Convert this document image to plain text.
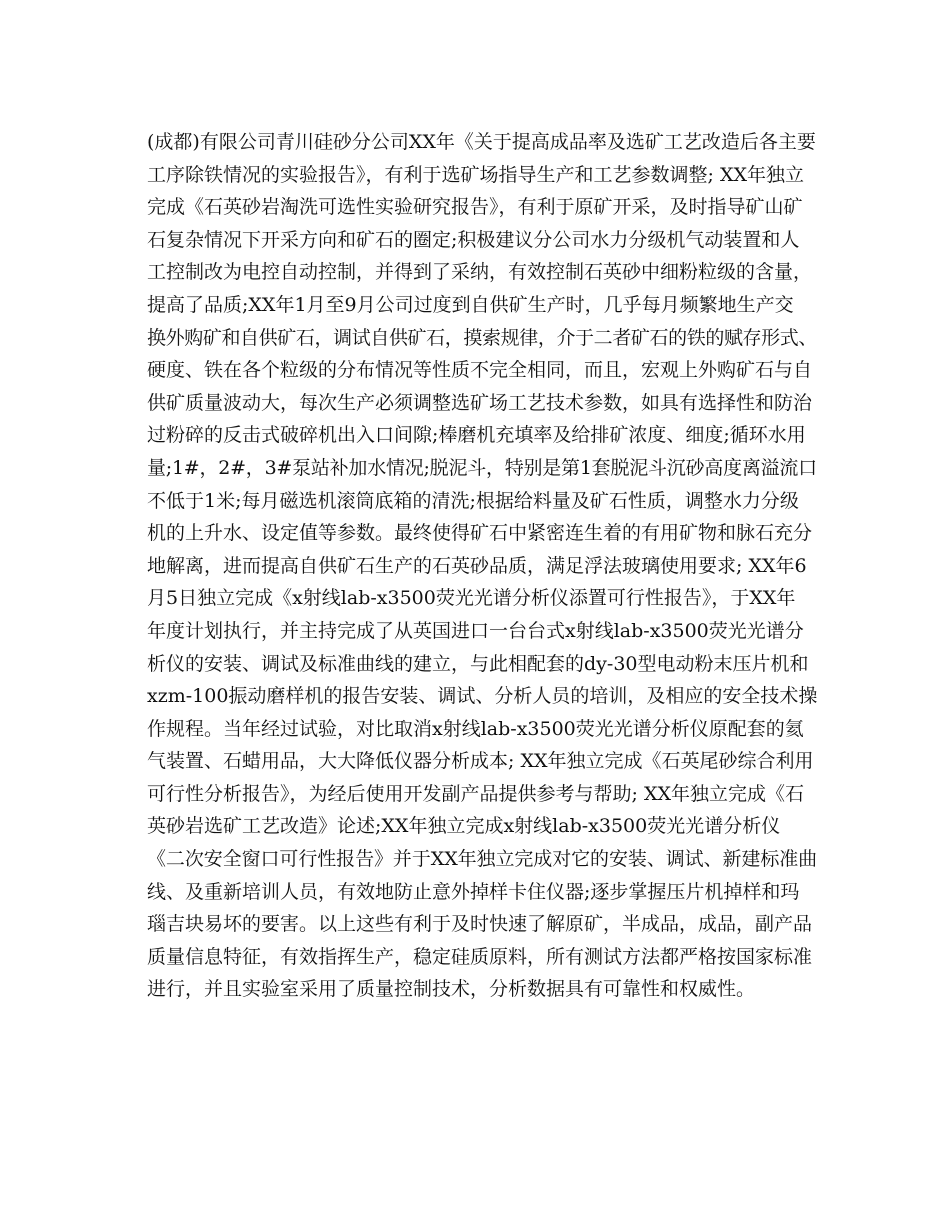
(成都)有限公司青川硅砂分公司XX年《关于提高成品率及选矿工艺改造后各主要
工序除铁情况的实验报告》，有利于选矿场指导生产和工艺参数调整; XX年独立
完成《石英砂岩淘洗可选性实验研究报告》，有利于原矿开采，及时指导矿山矿
石复杂情况下开采方向和矿石的圈定;积极建议分公司水力分级机气动装置和人
工控制改为电控自动控制，并得到了采纳，有效控制石英砂中细粉粒级的含量，
提高了品质;XX年1月至9月公司过度到自供矿生产时，几乎每月频繁地生产交
换外购矿和自供矿石，调试自供矿石，摸索规律，介于二者矿石的铁的赋存形式、
硬度、铁在各个粒级的分布情况等性质不完全相同，而且，宏观上外购矿石与自
供矿质量波动大，每次生产必须调整选矿场工艺技术参数，如具有选择性和防治
过粉碎的反击式破碎机出入口间隙;棒磨机充填率及给排矿浓度、细度;循环水用
量;1#，2#，3#泵站补加水情况;脱泥斗，特别是第1套脱泥斗沉砂高度离溢流口
不低于1米;每月磁选机滚筒底箱的清洗;根据给料量及矿石性质，调整水力分级
机的上升水、设定值等参数。最终使得矿石中紧密连生着的有用矿物和脉石充分
地解离，进而提高自供矿石生产的石英砂品质，满足浮法玻璃使用要求; XX年6
月5日独立完成《x射线lab-x3500荧光光谱分析仪添置可行性报告》，于XX年
年度计划执行，并主持完成了从英国进口一台台式x射线lab-x3500荧光光谱分
析仪的安装、调试及标准曲线的建立，与此相配套的dy-30型电动粉末压片机和
xzm-100振动磨样机的报告安装、调试、分析人员的培训，及相应的安全技术操
作规程。当年经过试验，对比取消x射线lab-x3500荧光光谱分析仪原配套的氦
气装置、石蜡用品，大大降低仪器分析成本; XX年独立完成《石英尾砂综合利用
可行性分析报告》，为经后使用开发副产品提供参考与帮助; XX年独立完成《石
英砂岩选矿工艺改造》论述;XX年独立完成x射线lab-x3500荧光光谱分析仪
《二次安全窗口可行性报告》并于XX年独立完成对它的安装、调试、新建标准曲
线、及重新培训人员，有效地防止意外掉样卡住仪器;逐步掌握压片机掉样和玛
瑙吉块易坏的要害。以上这些有利于及时快速了解原矿，半成品，成品，副产品
质量信息特征，有效指挥生产，稳定硅质原料，所有测试方法都严格按国家标准
进行，并且实验室采用了质量控制技术，分析数据具有可靠性和权威性。
